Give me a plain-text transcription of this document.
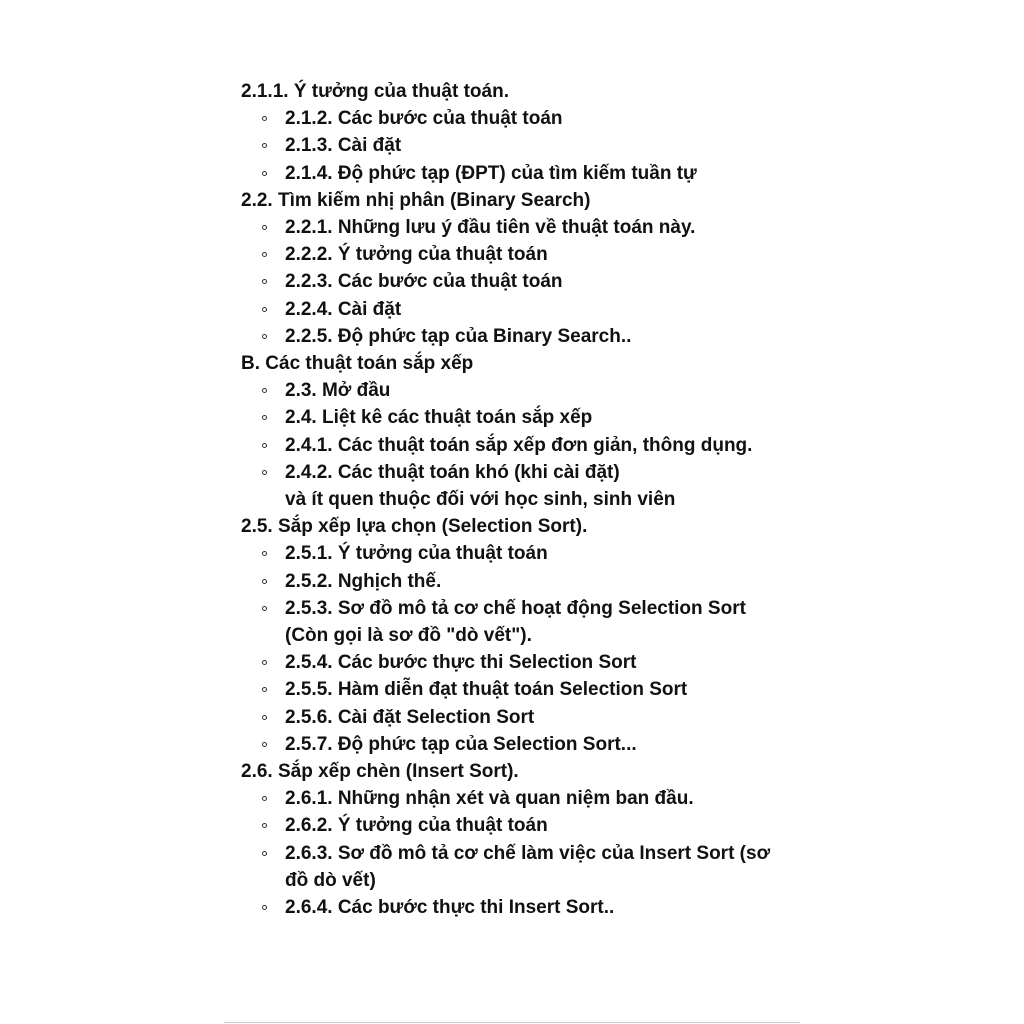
2.1.1. Ý tưởng của thuật toán.
2.1.2. Các bước của thuật toán
2.1.3. Cài đặt
2.1.4. Độ phức tạp (ĐPT) của tìm kiếm tuần tự
2.2. Tìm kiếm nhị phân (Binary Search)
2.2.1. Những lưu ý đầu tiên về thuật toán này.
2.2.2. Ý tưởng của thuật toán
2.2.3. Các bước của thuật toán
2.2.4. Cài đặt
2.2.5. Độ phức tạp của Binary Search..
B. Các thuật toán sắp xếp
2.3. Mở đầu
2.4. Liệt kê các thuật toán sắp xếp
2.4.1. Các thuật toán sắp xếp đơn giản, thông dụng.
2.4.2. Các thuật toán khó (khi cài đặt)
và ít quen thuộc đối với học sinh, sinh viên
2.5. Sắp xếp lựa chọn (Selection Sort).
2.5.1. Ý tưởng của thuật toán
2.5.2. Nghịch thế.
2.5.3. Sơ đồ mô tả cơ chế hoạt động Selection Sort
(Còn gọi là sơ đồ "dò vết").
2.5.4. Các bước thực thi Selection Sort
2.5.5. Hàm diễn đạt thuật toán Selection Sort
2.5.6. Cài đặt Selection Sort
2.5.7. Độ phức tạp của Selection Sort...
2.6. Sắp xếp chèn (Insert Sort).
2.6.1. Những nhận xét và quan niệm ban đầu.
2.6.2. Ý tưởng của thuật toán
2.6.3. Sơ đồ mô tả cơ chế làm việc của Insert Sort (sơ
đồ dò vết)
2.6.4. Các bước thực thi Insert Sort..
